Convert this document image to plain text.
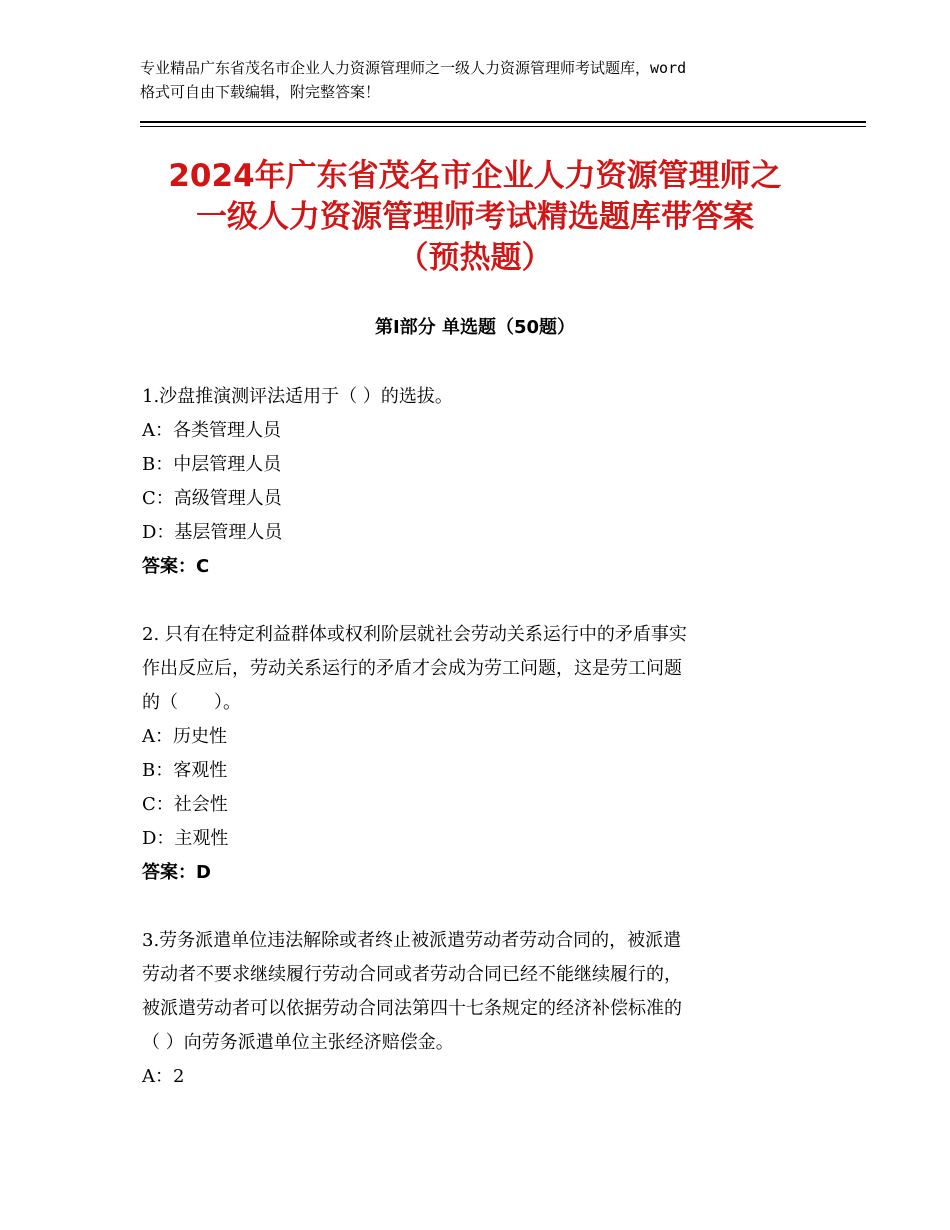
专业精品广东省茂名市企业人力资源管理师之一级人力资源管理师考试题库，word
格式可自由下载编辑，附完整答案！
2024年广东省茂名市企业人力资源管理师之
一级人力资源管理师考试精选题库带答案
（预热题）
第Ⅰ部分 单选题（50题）

1.沙盘推演测评法适用于（ ）的选拔。

A：各类管理人员

B：中层管理人员

C：高级管理人员

D：基层管理人员

答案：C

2. 只有在特定利益群体或权利阶层就社会劳动关系运行中的矛盾事实

作出反应后，劳动关系运行的矛盾才会成为劳工问题，这是劳工问题

的（　　）。

A：历史性

B：客观性

C：社会性

D：主观性

答案：D

3.劳务派遣单位违法解除或者终止被派遣劳动者劳动合同的，被派遣

劳动者不要求继续履行劳动合同或者劳动合同已经不能继续履行的，

被派遣劳动者可以依据劳动合同法第四十七条规定的经济补偿标准的

（ ）向劳务派遣单位主张经济赔偿金。

A：2
